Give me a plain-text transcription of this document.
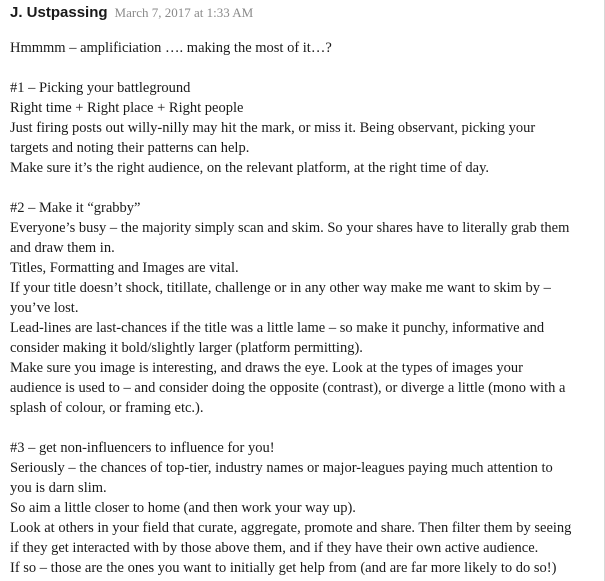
J. Ustpassing March 7, 2017 at 1:33 AM

Hmmmm – amplificiation …. making the most of it…?

#1 – Picking your battleground

Right time + Right place + Right people

Just firing posts out willy-nilly may hit the mark, or miss it. Being observant, picking your

targets and noting their patterns can help.

Make sure it’s the right audience, on the relevant platform, at the right time of day.

#2 – Make it “grabby”

Everyone’s busy – the majority simply scan and skim. So your shares have to literally grab them

and draw them in.

Titles, Formatting and Images are vital.

If your title doesn’t shock, titillate, challenge or in any other way make me want to skim by –

you’ve lost.

Lead-lines are last-chances if the title was a little lame – so make it punchy, informative and

consider making it bold/slightly larger (platform permitting).

Make sure you image is interesting, and draws the eye. Look at the types of images your

audience is used to – and consider doing the opposite (contrast), or diverge a little (mono with a

splash of colour, or framing etc.).

#3 – get non-influencers to influence for you!

Seriously – the chances of top-tier, industry names or major-leagues paying much attention to

you is darn slim.

So aim a little closer to home (and then work your way up).

Look at others in your field that curate, aggregate, promote and share. Then filter them by seeing

if they get interacted with by those above them, and if they have their own active audience.

If so – those are the ones you want to initially get help from (and are far more likely to do so!)
